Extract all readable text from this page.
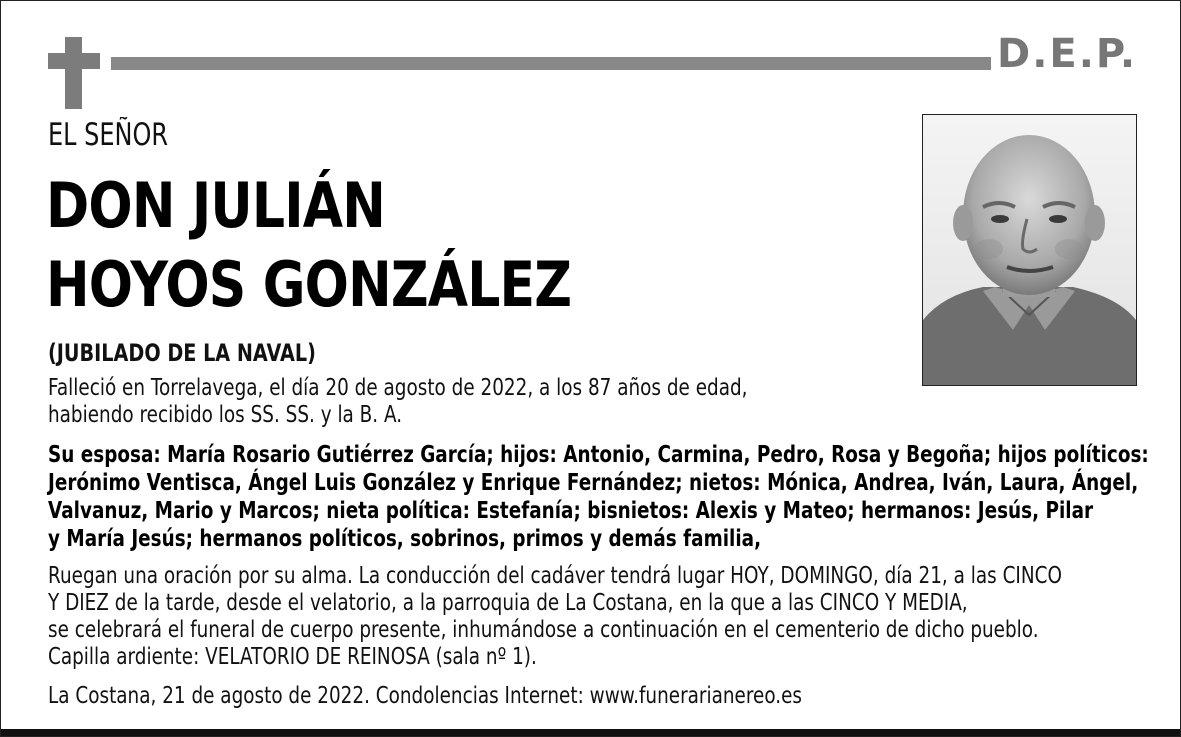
D.E.P.
EL SEÑOR
DON JULIÁN
HOYOS GONZÁLEZ
(JUBILADO DE LA NAVAL)
Falleció en Torrelavega, el día 20 de agosto de 2022, a los 87 años de edad,
habiendo recibido los SS. SS. y la B. A.
Su esposa: María Rosario Gutiérrez García; hijos: Antonio, Carmina, Pedro, Rosa y Begoña; hijos políticos:
Jerónimo Ventisca, Ángel Luis González y Enrique Fernández; nietos: Mónica, Andrea, Iván, Laura, Ángel,
Valvanuz, Mario y Marcos; nieta política: Estefanía; bisnietos: Alexis y Mateo; hermanos: Jesús, Pilar
y María Jesús; hermanos políticos, sobrinos, primos y demás familia,
Ruegan una oración por su alma. La conducción del cadáver tendrá lugar HOY, DOMINGO, día 21, a las CINCO
Y DIEZ de la tarde, desde el velatorio, a la parroquia de La Costana, en la que a las CINCO Y MEDIA,
se celebrará el funeral de cuerpo presente, inhumándose a continuación en el cementerio de dicho pueblo.
Capilla ardiente: VELATORIO DE REINOSA (sala nº 1).
La Costana, 21 de agosto de 2022. Condolencias Internet: www.funerarianereo.es
